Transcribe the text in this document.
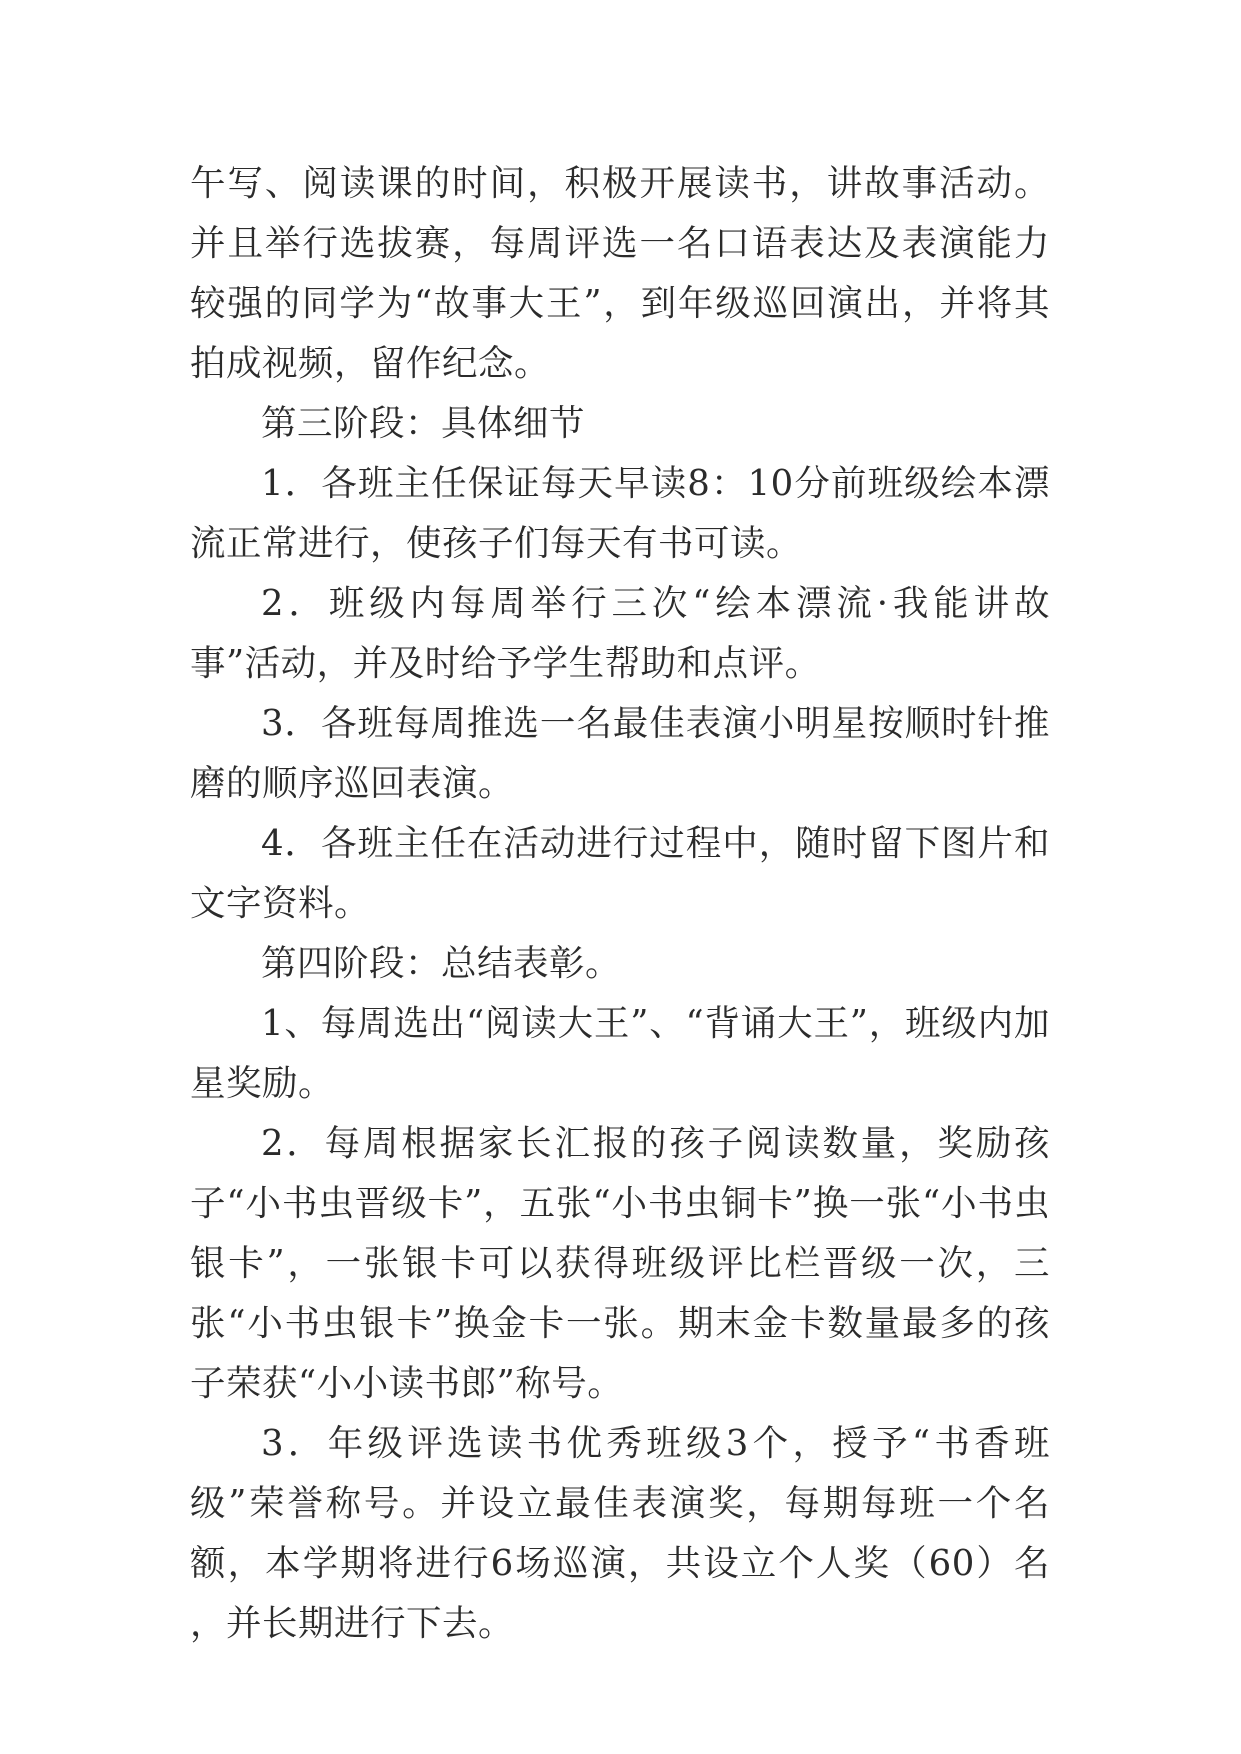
午写、阅读课的时间，积极开展读书，讲故事活动。并且举行选拔赛，每周评选一名口语表达及表演能力较强的同学为“故事大王”，到年级巡回演出，并将其拍成视频，留作纪念。

第三阶段：具体细节

1．各班主任保证每天早读8：10分前班级绘本漂流正常进行，使孩子们每天有书可读。

2．班级内每周举行三次“绘本漂流·我能讲故事”活动，并及时给予学生帮助和点评。

3．各班每周推选一名最佳表演小明星按顺时针推磨的顺序巡回表演。

4．各班主任在活动进行过程中，随时留下图片和文字资料。

第四阶段：总结表彰。

1、每周选出“阅读大王”、“背诵大王”，班级内加星奖励。

2．每周根据家长汇报的孩子阅读数量，奖励孩子“小书虫晋级卡”，五张“小书虫铜卡”换一张“小书虫银卡”，一张银卡可以获得班级评比栏晋级一次，三张“小书虫银卡”换金卡一张。期末金卡数量最多的孩子荣获“小小读书郎”称号。

3．年级评选读书优秀班级3个，授予“书香班级”荣誉称号。并设立最佳表演奖，每期每班一个名额，本学期将进行6场巡演，共设立个人奖（60）名 ，并长期进行下去。
